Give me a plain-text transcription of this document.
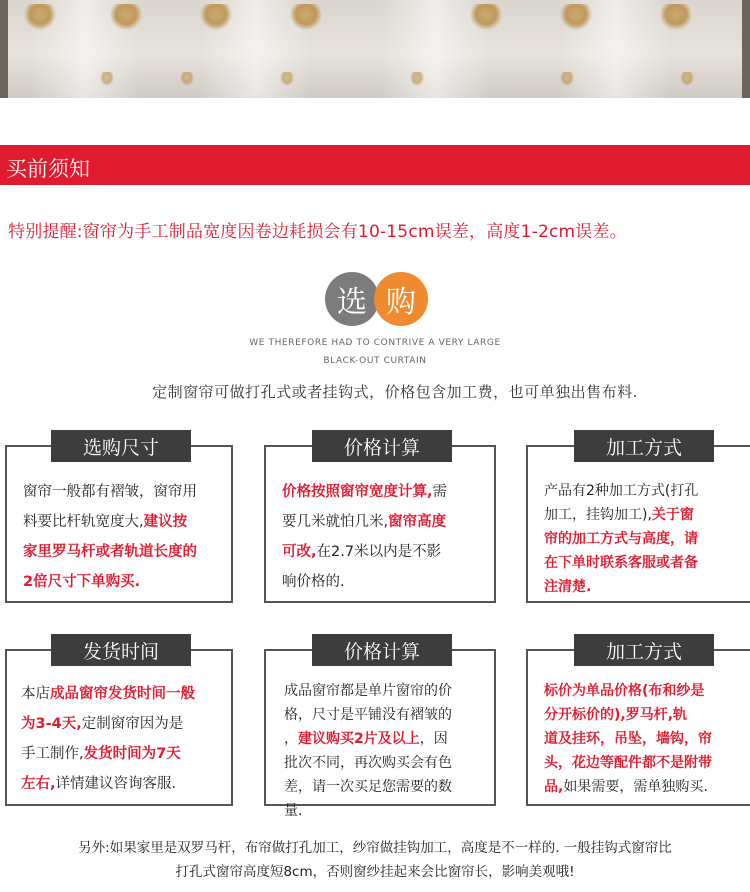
买前须知
特别提醒:窗帘为手工制品宽度因卷边耗损会有10-15cm误差，高度1-2cm误差。
选 购
WE THEREFORE HAD TO CONTRIVE A VERY LARGE
BLACK-OUT CURTAIN
定制窗帘可做打孔式或者挂钩式，价格包含加工费，也可单独出售布料.
选购尺寸
窗帘一般都有褶皱，窗帘用
料要比杆轨宽度大,建议按
家里罗马杆或者轨道长度的
2倍尺寸下单购买.
价格计算
价格按照窗帘宽度计算,需
要几米就怕几米,窗帘高度
可改,在2.7米以内是不影
响价格的.
加工方式
产品有2种加工方式(打孔
加工，挂钩加工),关于窗
帘的加工方式与高度，请
在下单时联系客服或者备
注清楚.
发货时间
本店成品窗帘发货时间一般
为3-4天,定制窗帘因为是
手工制作,发货时间为7天
左右,详情建议咨询客服.
价格计算
成品窗帘都是单片窗帘的价
格，尺寸是平铺没有褶皱的
，建议购买2片及以上，因
批次不同，再次购买会有色
差，请一次买足您需要的数
量.
加工方式
标价为单品价格(布和纱是
分开标价的),罗马杆,轨
道及挂环，吊坠，墙钩，帘
头，花边等配件都不是附带
品,如果需要，需单独购买.
另外:如果家里是双罗马杆，布帘做打孔加工，纱帘做挂钩加工，高度是不一样的. 一般挂钩式窗帘比
打孔式窗帘高度短8cm，否则窗纱挂起来会比窗帘长，影响美观哦!
